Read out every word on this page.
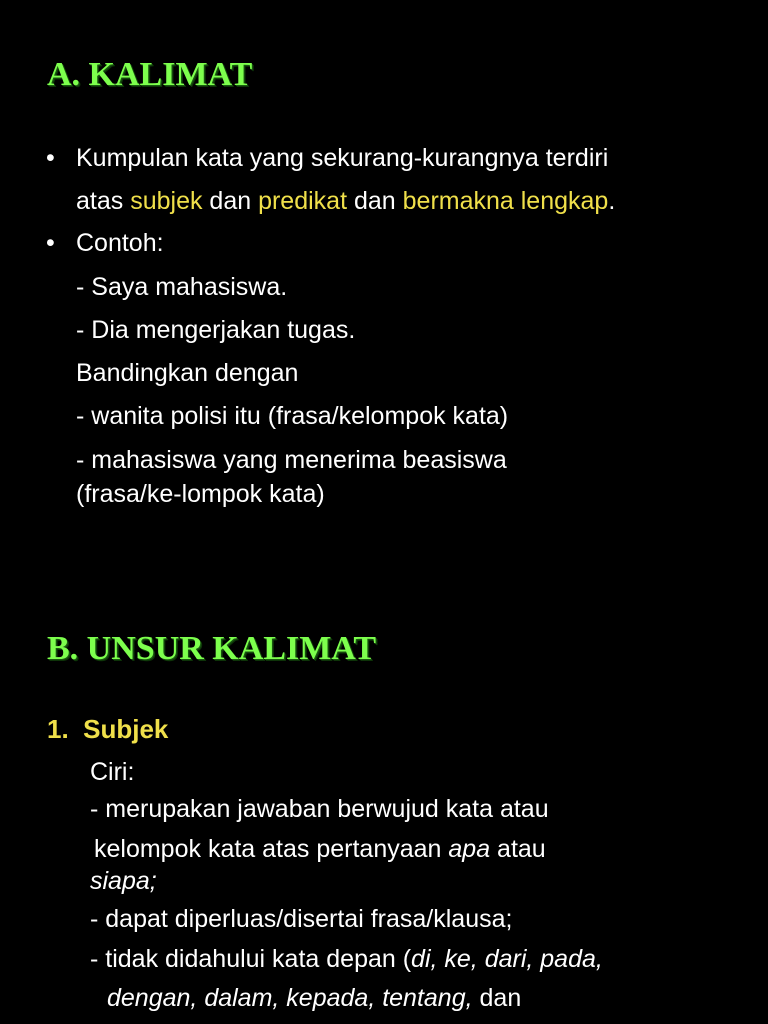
A. KALIMAT
• Kumpulan kata yang sekurang-kurangnya terdiri

atas subjek dan predikat dan bermakna lengkap.

• Contoh:

- Saya mahasiswa.

- Dia mengerjakan tugas.

Bandingkan dengan

- wanita polisi itu (frasa/kelompok kata)

- mahasiswa yang menerima beasiswa

(frasa/ke-lompok kata)

B. UNSUR KALIMAT

1. Subjek

Ciri:

- merupakan jawaban berwujud kata atau

kelompok kata atas pertanyaan apa atau

siapa;

- dapat diperluas/disertai frasa/klausa;

- tidak didahului kata depan (di, ke, dari, pada,

dengan, dalam, kepada, tentang, dan
